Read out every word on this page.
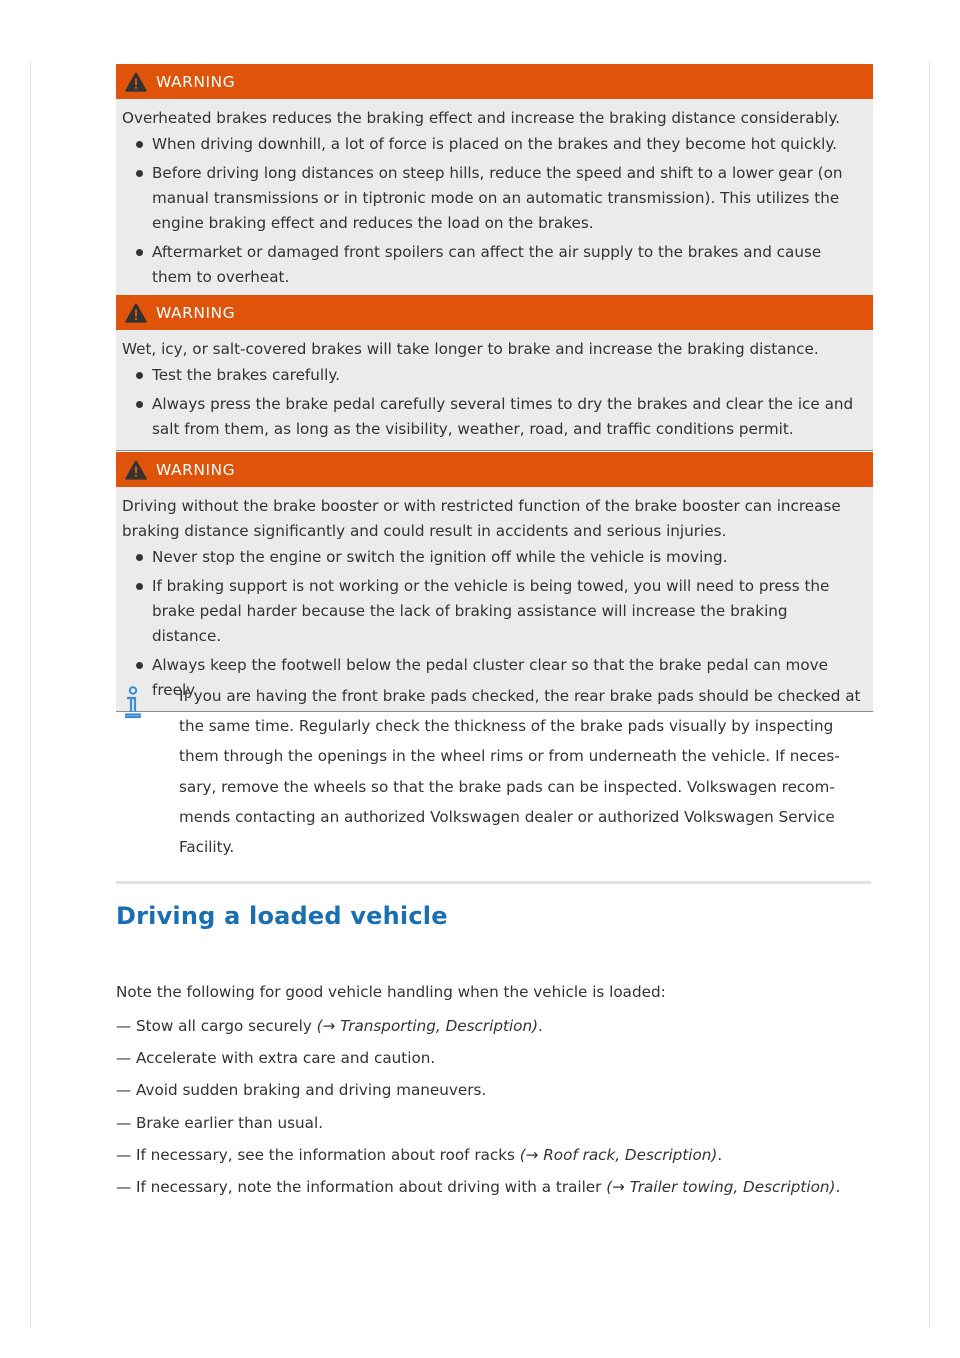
WARNING

Overheated brakes reduces the braking effect and increase the braking distance considerably.

When driving downhill, a lot of force is placed on the brakes and they become hot quickly.
Before driving long distances on steep hills, reduce the speed and shift to a lower gear (on manual transmissions or in tiptronic mode on an automatic transmission). This utilizes the engine braking effect and reduces the load on the brakes.
Aftermarket or damaged front spoilers can affect the air supply to the brakes and cause them to overheat.
WARNING

Wet, icy, or salt-covered brakes will take longer to brake and increase the braking distance.

Test the brakes carefully.
Always press the brake pedal carefully several times to dry the brakes and clear the ice and salt from them, as long as the visibility, weather, road, and traffic conditions permit.
WARNING

Driving without the brake booster or with restricted function of the brake booster can increase braking distance significantly and could result in accidents and serious injuries.

Never stop the engine or switch the ignition off while the vehicle is moving.
If braking support is not working or the vehicle is being towed, you will need to press the brake pedal harder because the lack of braking assistance will increase the braking distance.
Always keep the footwell below the pedal cluster clear so that the brake pedal can move freely.

If you are having the front brake pads checked, the rear brake pads should be checked at the same time. Regularly check the thickness of the brake pads visually by inspecting them through the openings in the wheel rims or from underneath the vehicle. If neces-sary, remove the wheels so that the brake pads can be inspected. Volkswagen recom-mends contacting an authorized Volkswagen dealer or authorized Volkswagen Service Facility.

Driving a loaded vehicle

Note the following for good vehicle handling when the vehicle is loaded:

— Stow all cargo securely (→ Transporting, Description).
— Accelerate with extra care and caution.
— Avoid sudden braking and driving maneuvers.
— Brake earlier than usual.
— If necessary, see the information about roof racks (→ Roof rack, Description).
— If necessary, note the information about driving with a trailer (→ Trailer towing, Description).
